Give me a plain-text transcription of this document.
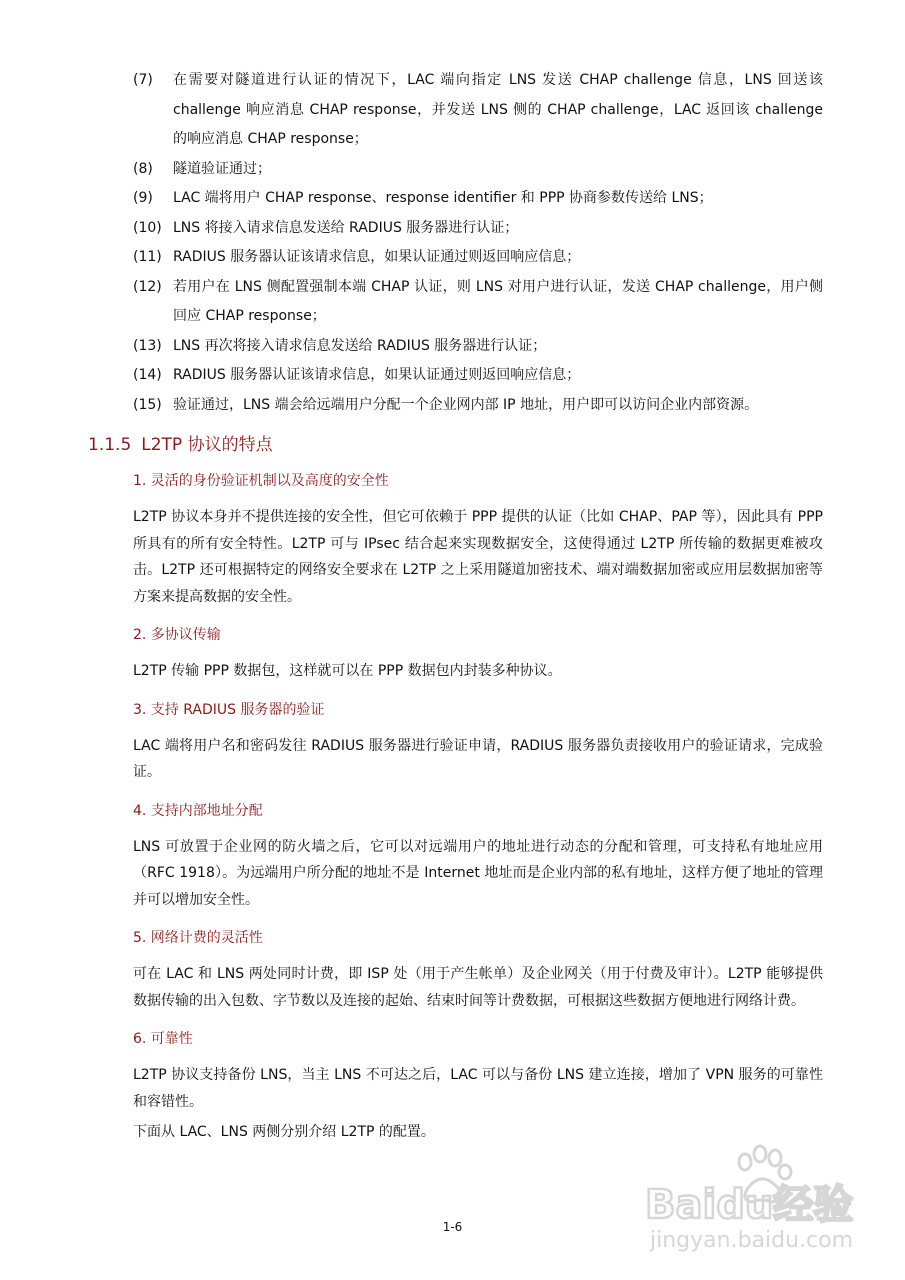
(7)	在需要对隧道进行认证的情况下，LAC 端向指定 LNS 发送 CHAP challenge 信息，LNS 回送该 challenge 响应消息 CHAP response，并发送 LNS 侧的 CHAP challenge，LAC 返回该 challenge 的响应消息 CHAP response；
(8)	隧道验证通过；
(9)	LAC 端将用户 CHAP response、response identifier 和 PPP 协商参数传送给 LNS；
(10) LNS 将接入请求信息发送给 RADIUS 服务器进行认证；
(11) RADIUS 服务器认证该请求信息，如果认证通过则返回响应信息；
(12) 若用户在 LNS 侧配置强制本端 CHAP 认证，则 LNS 对用户进行认证，发送 CHAP challenge，用户侧回应 CHAP response；
(13) LNS 再次将接入请求信息发送给 RADIUS 服务器进行认证；
(14) RADIUS 服务器认证该请求信息，如果认证通过则返回响应信息；
(15) 验证通过，LNS 端会给远端用户分配一个企业网内部 IP 地址，用户即可以访问企业内部资源。
1.1.5 L2TP 协议的特点
1. 灵活的身份验证机制以及高度的安全性
L2TP 协议本身并不提供连接的安全性，但它可依赖于 PPP 提供的认证（比如 CHAP、PAP 等），因此具有 PPP 所具有的所有安全特性。L2TP 可与 IPsec 结合起来实现数据安全，这使得通过 L2TP 所传输的数据更难被攻击。L2TP 还可根据特定的网络安全要求在 L2TP 之上采用隧道加密技术、端对端数据加密或应用层数据加密等方案来提高数据的安全性。
2. 多协议传输
L2TP 传输 PPP 数据包，这样就可以在 PPP 数据包内封装多种协议。
3. 支持 RADIUS 服务器的验证
LAC 端将用户名和密码发往 RADIUS 服务器进行验证申请，RADIUS 服务器负责接收用户的验证请求，完成验证。
4. 支持内部地址分配
LNS 可放置于企业网的防火墙之后，它可以对远端用户的地址进行动态的分配和管理，可支持私有地址应用（RFC 1918）。为远端用户所分配的地址不是 Internet 地址而是企业内部的私有地址，这样方便了地址的管理并可以增加安全性。
5. 网络计费的灵活性
可在 LAC 和 LNS 两处同时计费，即 ISP 处（用于产生帐单）及企业网关（用于付费及审计）。L2TP 能够提供数据传输的出入包数、字节数以及连接的起始、结束时间等计费数据，可根据这些数据方便地进行网络计费。
6. 可靠性
L2TP 协议支持备份 LNS，当主 LNS 不可达之后，LAC 可以与备份 LNS 建立连接，增加了 VPN 服务的可靠性和容错性。
下面从 LAC、LNS 两侧分别介绍 L2TP 的配置。
1-6	Baidu经验
jingyan.baidu.com
